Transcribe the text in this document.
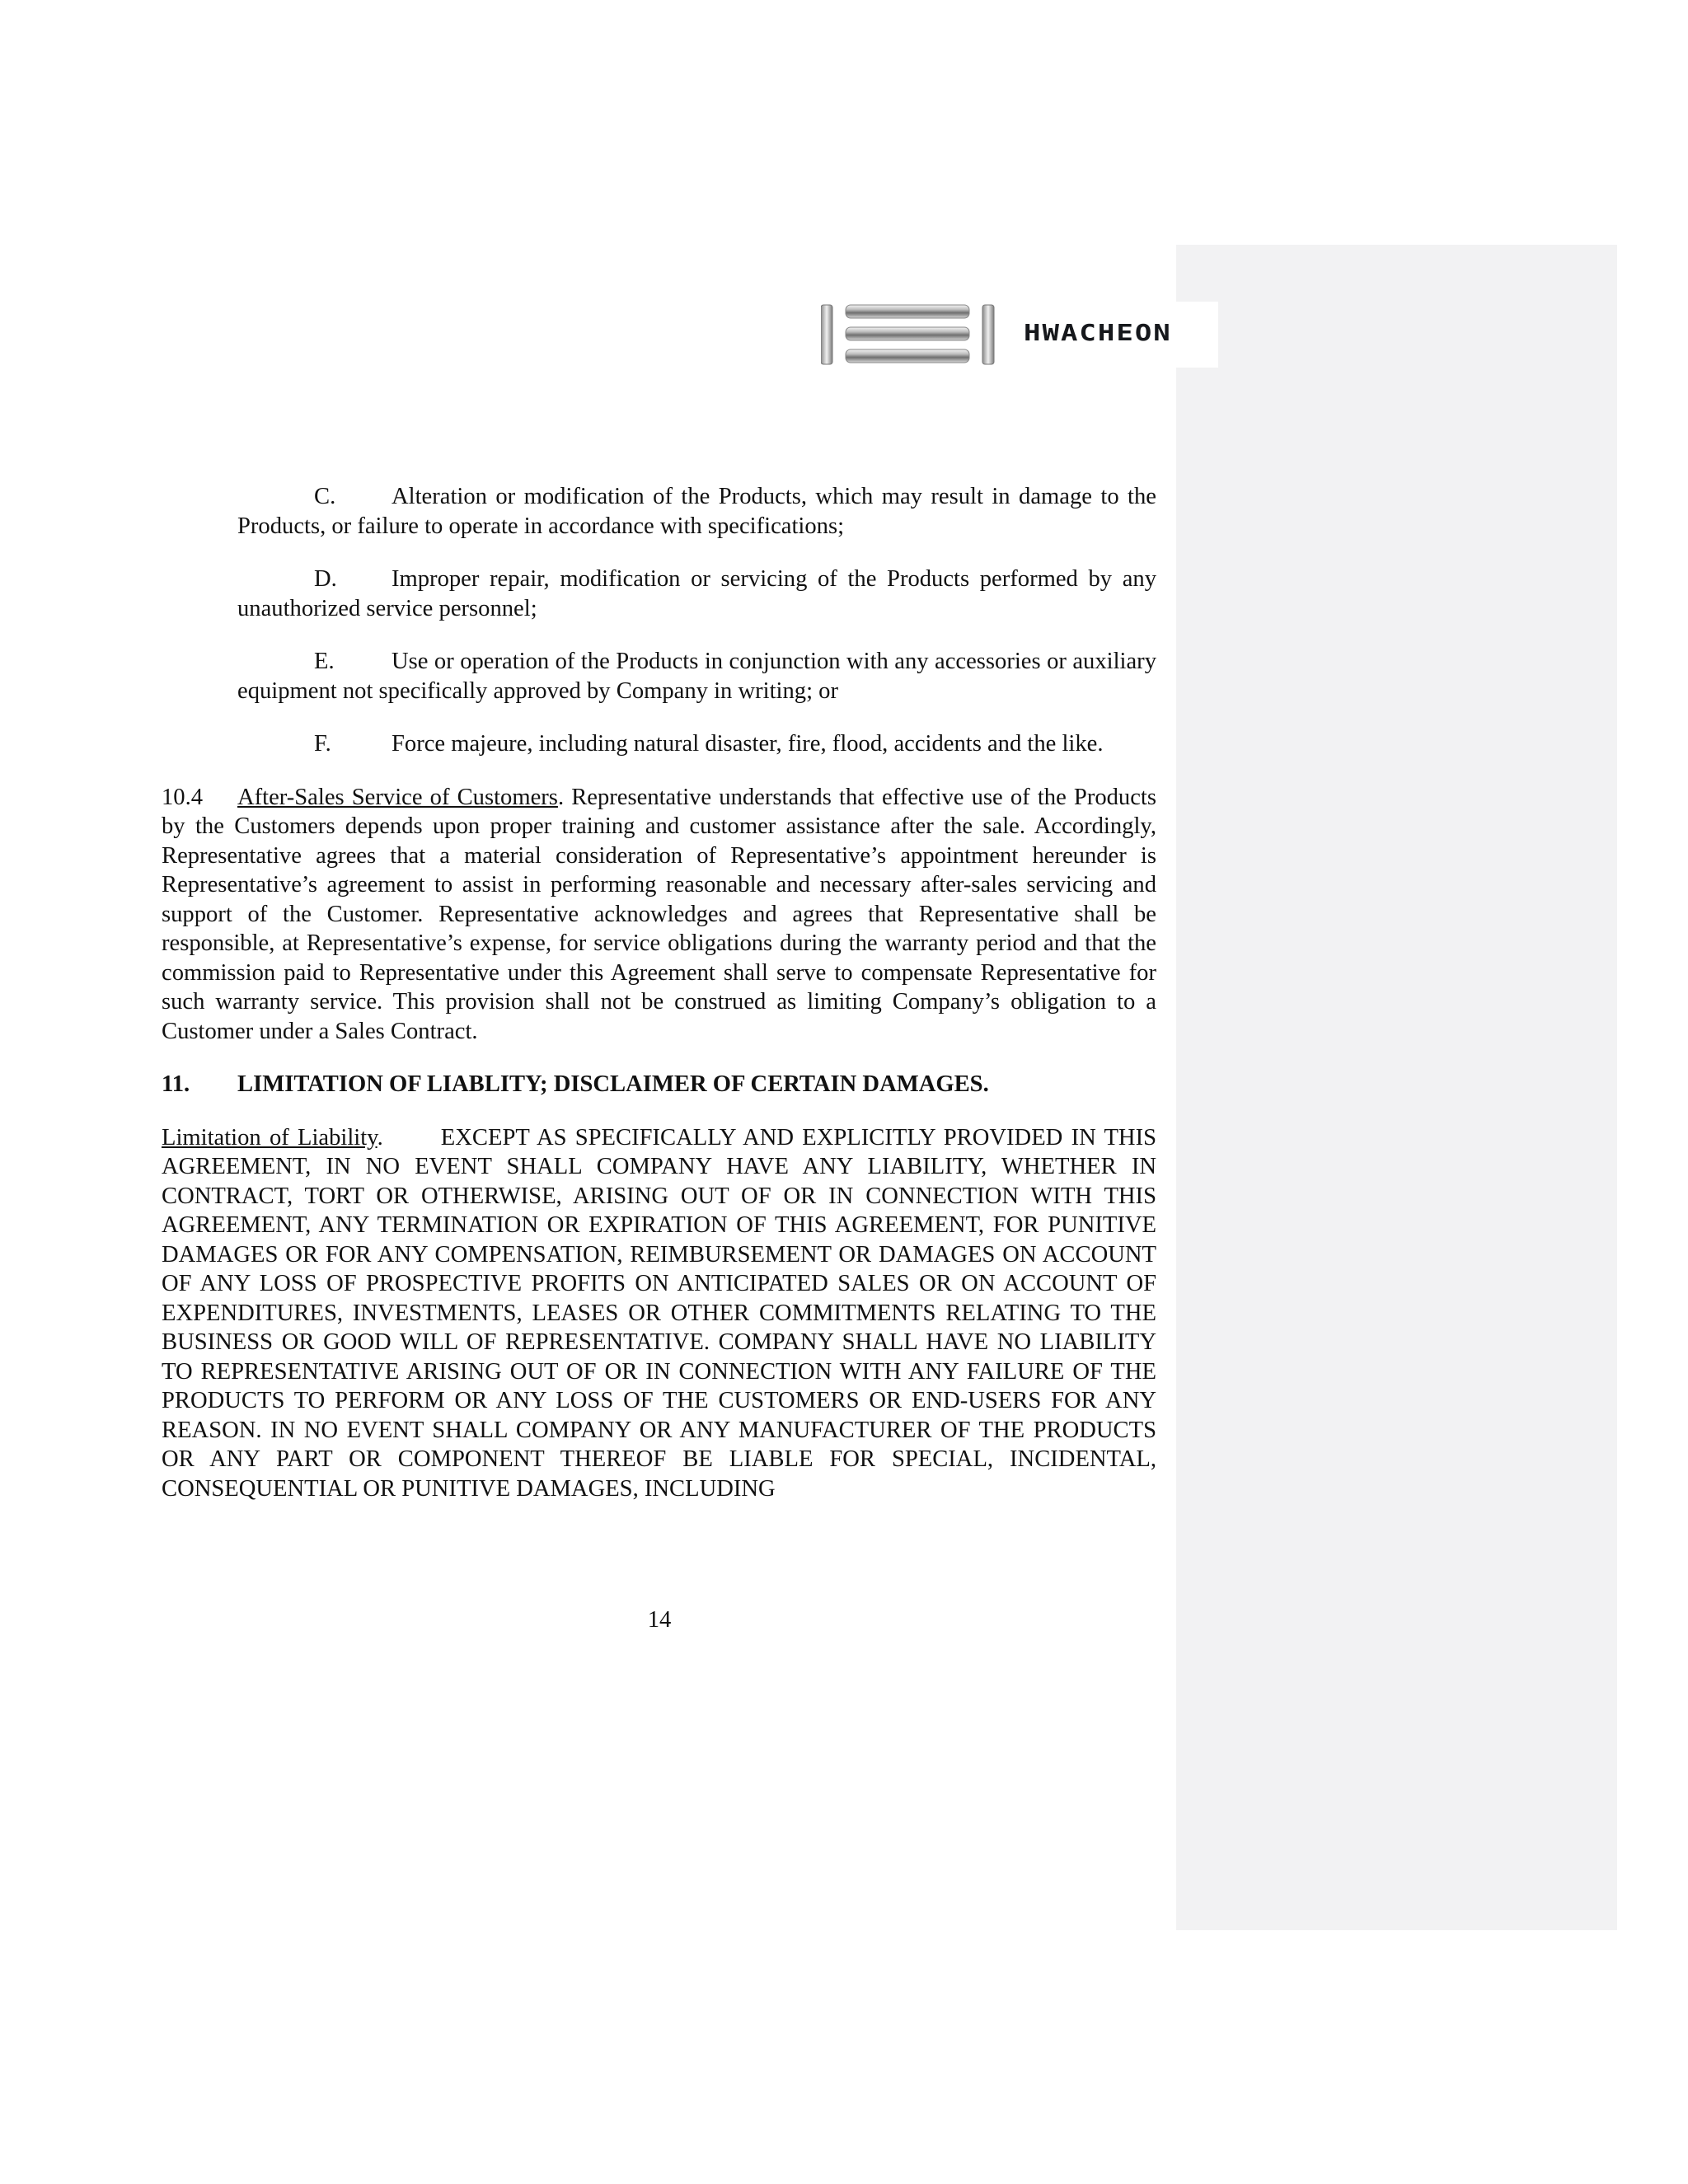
HWACHEON

C. Alteration or modification of the Products, which may result in damage to the Products, or failure to operate in accordance with specifications;

D. Improper repair, modification or servicing of the Products performed by any unauthorized service personnel;

E. Use or operation of the Products in conjunction with any accessories or auxiliary equipment not specifically approved by Company in writing; or

F.	Force majeure, including natural disaster, fire, flood, accidents and the like.

10.4 After-Sales Service of Customers. Representative understands that effective use of the Products by the Customers depends upon proper training and customer assistance after the sale. Accordingly, Representative agrees that a material consideration of Representative’s appointment hereunder is Representative’s agreement to assist in performing reasonable and necessary after-sales servicing and support of the Customer. Representative acknowledges and agrees that Representative shall be responsible, at Representative’s expense, for service obligations during the warranty period and that the commission paid to Representative under this Agreement shall serve to compensate Representative for such warranty service. This provision shall not be construed as limiting Company’s obligation to a Customer under a Sales Contract.

11. LIMITATION OF LIABLITY; DISCLAIMER OF CERTAIN DAMAGES.

Limitation of Liability. EXCEPT AS SPECIFICALLY AND EXPLICITLY PROVIDED IN THIS AGREEMENT, IN NO EVENT SHALL COMPANY HAVE ANY LIABILITY, WHETHER IN CONTRACT, TORT OR OTHERWISE, ARISING OUT OF OR IN CONNECTION WITH THIS AGREEMENT, ANY TERMINATION OR EXPIRATION OF THIS AGREEMENT, FOR PUNITIVE DAMAGES OR FOR ANY COMPENSATION, REIMBURSEMENT OR DAMAGES ON ACCOUNT OF ANY LOSS OF PROSPECTIVE PROFITS ON ANTICIPATED SALES OR ON ACCOUNT OF EXPENDITURES, INVESTMENTS, LEASES OR OTHER COMMITMENTS RELATING TO THE BUSINESS OR GOOD WILL OF REPRESENTATIVE. COMPANY SHALL HAVE NO LIABILITY TO REPRESENTATIVE ARISING OUT OF OR IN CONNECTION WITH ANY FAILURE OF THE PRODUCTS TO PERFORM OR ANY LOSS OF THE CUSTOMERS OR END-USERS FOR ANY REASON. IN NO EVENT SHALL COMPANY OR ANY MANUFACTURER OF THE PRODUCTS OR ANY PART OR COMPONENT THEREOF BE LIABLE FOR SPECIAL, INCIDENTAL, CONSEQUENTIAL OR PUNITIVE DAMAGES, INCLUDING

14
